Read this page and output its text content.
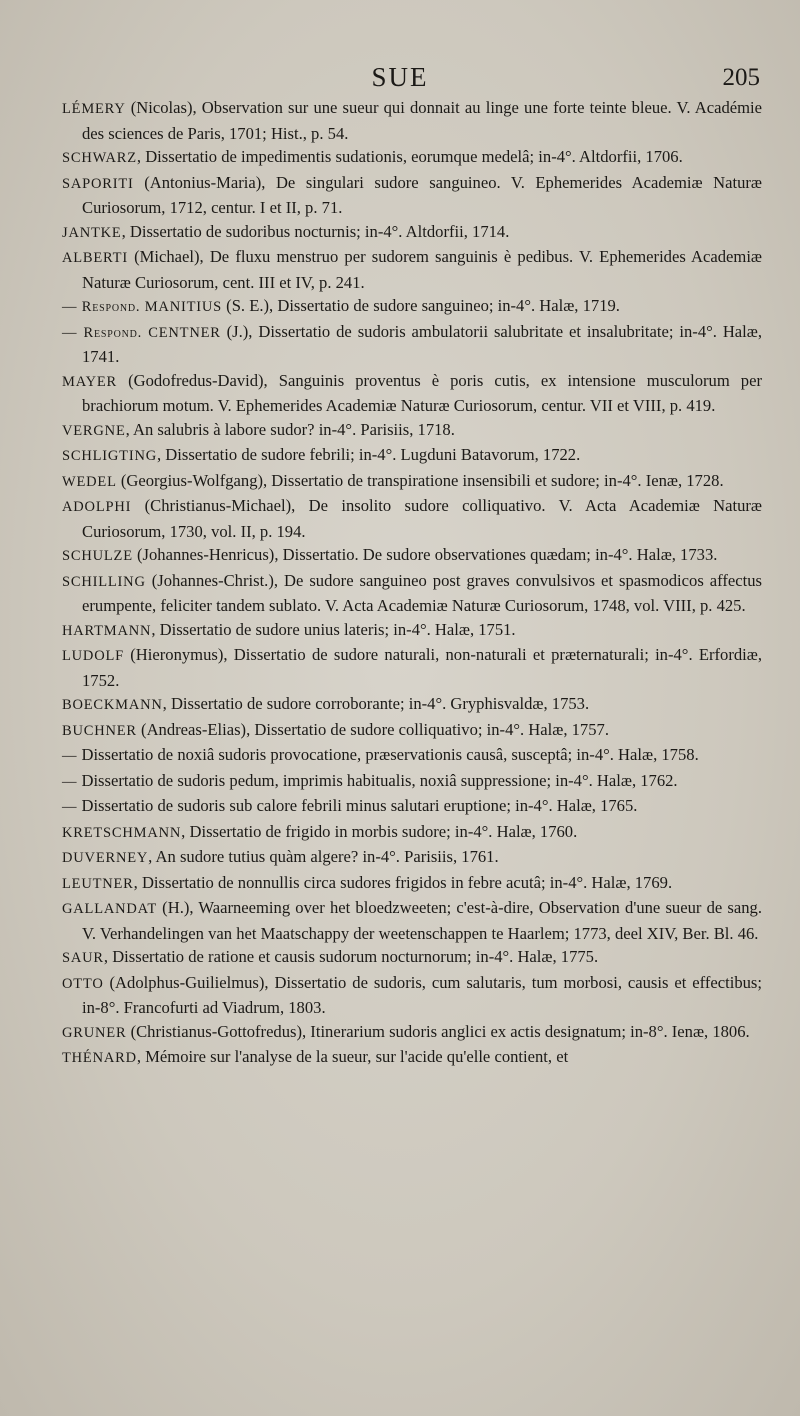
SUE	205

LÉMERY (Nicolas), Observation sur une sueur qui donnait au linge une forte teinte bleue. V. Académie des sciences de Paris, 1701; Hist., p. 54.

SCHWARZ, Dissertatio de impedimentis sudationis, eorumque medelâ; in-4°. Altdorfii, 1706.

SAPORITI (Antonius-Maria), De singulari sudore sanguineo. V. Ephemerides Academiæ Naturæ Curiosorum, 1712, centur. I et II, p. 71.

JANTKE, Dissertatio de sudoribus nocturnis; in-4°. Altdorfii, 1714.

ALBERTI (Michael), De fluxu menstruo per sudorem sanguinis è pedibus. V. Ephemerides Academiæ Naturæ Curiosorum, cent. III et IV, p. 241.

— Respond. MANITIUS (S. E.), Dissertatio de sudore sanguineo; in-4°. Halæ, 1719.

— Respond. CENTNER (J.), Dissertatio de sudoris ambulatorii salubritate et insalubritate; in-4°. Halæ, 1741.

MAYER (Godofredus-David), Sanguinis proventus è poris cutis, ex intensione musculorum per brachiorum motum. V. Ephemerides Academiæ Naturæ Curiosorum, centur. VII et VIII, p. 419.

VERGNE, An salubris à labore sudor? in-4°. Parisiis, 1718.

SCHLIGTING, Dissertatio de sudore febrili; in-4°. Lugduni Batavorum, 1722.

WEDEL (Georgius-Wolfgang), Dissertatio de transpiratione insensibili et sudore; in-4°. Ienæ, 1728.

ADOLPHI (Christianus-Michael), De insolito sudore colliquativo. V. Acta Academiæ Naturæ Curiosorum, 1730, vol. II, p. 194.

SCHULZE (Johannes-Henricus), Dissertatio. De sudore observationes quædam; in-4°. Halæ, 1733.

SCHILLING (Johannes-Christ.), De sudore sanguineo post graves convulsivos et spasmodicos affectus erumpente, feliciter tandem sublato. V. Acta Academiæ Naturæ Curiosorum, 1748, vol. VIII, p. 425.

HARTMANN, Dissertatio de sudore unius lateris; in-4°. Halæ, 1751.

LUDOLF (Hieronymus), Dissertatio de sudore naturali, non-naturali et præternaturali; in-4°. Erfordiæ, 1752.

BOECKMANN, Dissertatio de sudore corroborante; in-4°. Gryphisvaldæ, 1753.

BUCHNER (Andreas-Elias), Dissertatio de sudore colliquativo; in-4°. Halæ, 1757.

— Dissertatio de noxiâ sudoris provocatione, præservationis causâ, susceptâ; in-4°. Halæ, 1758.

— Dissertatio de sudoris pedum, imprimis habitualis, noxiâ suppressione; in-4°. Halæ, 1762.

— Dissertatio de sudoris sub calore febrili minus salutari eruptione; in-4°. Halæ, 1765.

KRETSCHMANN, Dissertatio de frigido in morbis sudore; in-4°. Halæ, 1760.

DUVERNEY, An sudore tutius quàm algere? in-4°. Parisiis, 1761.

LEUTNER, Dissertatio de nonnullis circa sudores frigidos in febre acutâ; in-4°. Halæ, 1769.

GALLANDAT (H.), Waarneeming over het bloedzweeten; c'est-à-dire, Observation d'une sueur de sang. V. Verhandelingen van het Maatschappy der weetenschappen te Haarlem; 1773, deel XIV, Ber. Bl. 46.

SAUR, Dissertatio de ratione et causis sudorum nocturnorum; in-4°. Halæ, 1775.

OTTO (Adolphus-Guilielmus), Dissertatio de sudoris, cum salutaris, tum morbosi, causis et effectibus; in-8°. Francofurti ad Viadrum, 1803.

GRUNER (Christianus-Gottofredus), Itinerarium sudoris anglici ex actis designatum; in-8°. Ienæ, 1806.

THÉNARD, Mémoire sur l'analyse de la sueur, sur l'acide qu'elle contient, et
